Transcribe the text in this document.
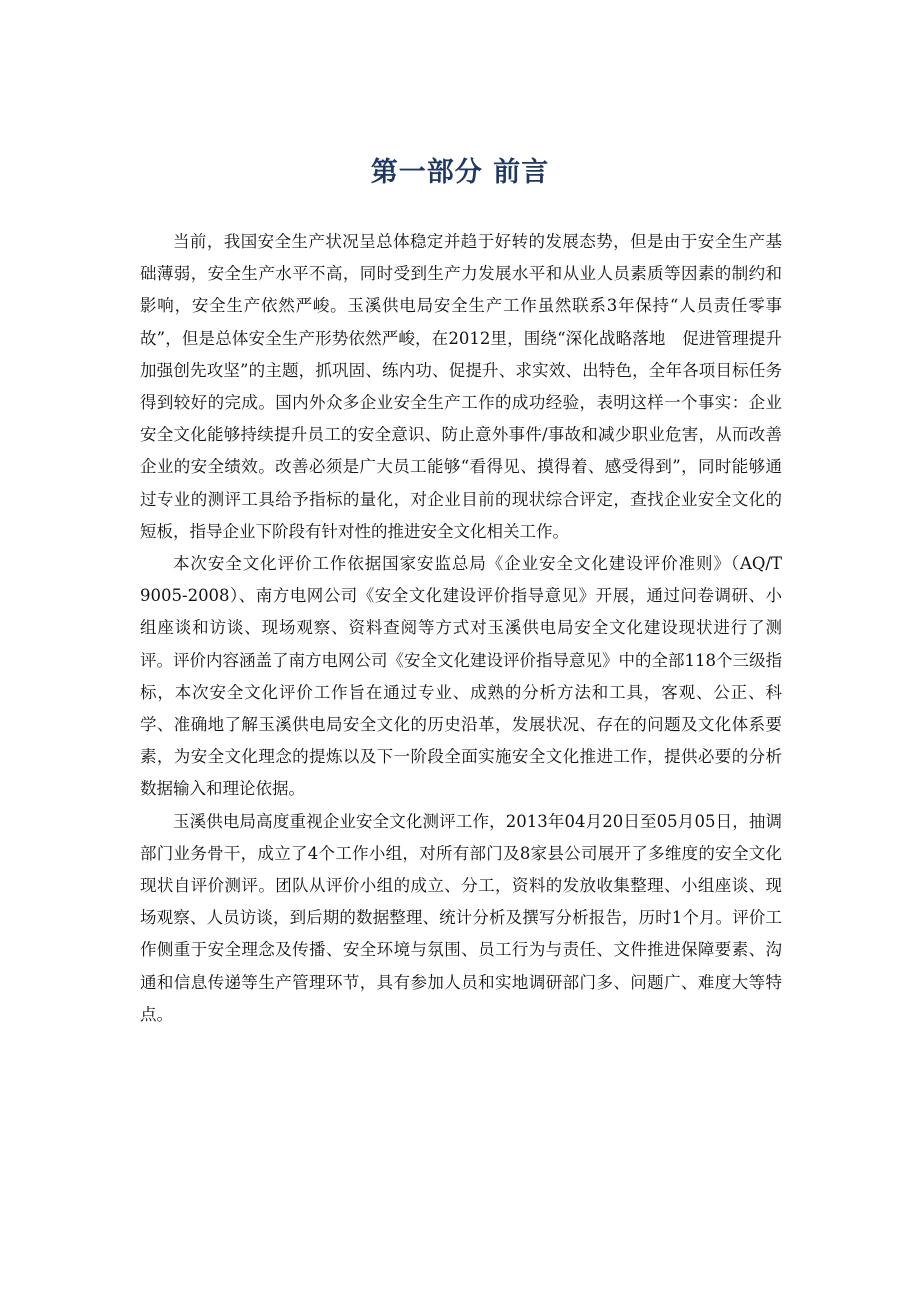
第一部分 前言

当前，我国安全生产状况呈总体稳定并趋于好转的发展态势，但是由于安全生产基础薄弱，安全生产水平不高，同时受到生产力发展水平和从业人员素质等因素的制约和影响，安全生产依然严峻。玉溪供电局安全生产工作虽然联系3年保持“人员责任零事故”，但是总体安全生产形势依然严峻，在2012里，围绕“深化战略落地　促进管理提升　　加强创先攻坚”的主题，抓巩固、练内功、促提升、求实效、出特色，全年各项目标任务得到较好的完成。国内外众多企业安全生产工作的成功经验，表明这样一个事实：企业安全文化能够持续提升员工的安全意识、防止意外事件/事故和减少职业危害，从而改善企业的安全绩效。改善必须是广大员工能够“看得见、摸得着、感受得到”，同时能够通过专业的测评工具给予指标的量化，对企业目前的现状综合评定，查找企业安全文化的短板，指导企业下阶段有针对性的推进安全文化相关工作。

本次安全文化评价工作依据国家安监总局《企业安全文化建设评价准则》（AQ/T 9005-2008）、南方电网公司《安全文化建设评价指导意见》开展，通过问卷调研、小组座谈和访谈、现场观察、资料查阅等方式对玉溪供电局安全文化建设现状进行了测评。评价内容涵盖了南方电网公司《安全文化建设评价指导意见》中的全部118个三级指标，本次安全文化评价工作旨在通过专业、成熟的分析方法和工具，客观、公正、科学、准确地了解玉溪供电局安全文化的历史沿革，发展状况、存在的问题及文化体系要素，为安全文化理念的提炼以及下一阶段全面实施安全文化推进工作，提供必要的分析数据输入和理论依据。

玉溪供电局高度重视企业安全文化测评工作，2013年04月20日至05月05日，抽调部门业务骨干，成立了4个工作小组，对所有部门及8家县公司展开了多维度的安全文化现状自评价测评。团队从评价小组的成立、分工，资料的发放收集整理、小组座谈、现场观察、人员访谈，到后期的数据整理、统计分析及撰写分析报告，历时1个月。评价工作侧重于安全理念及传播、安全环境与氛围、员工行为与责任、文件推进保障要素、沟通和信息传递等生产管理环节，具有参加人员和实地调研部门多、问题广、难度大等特点。
